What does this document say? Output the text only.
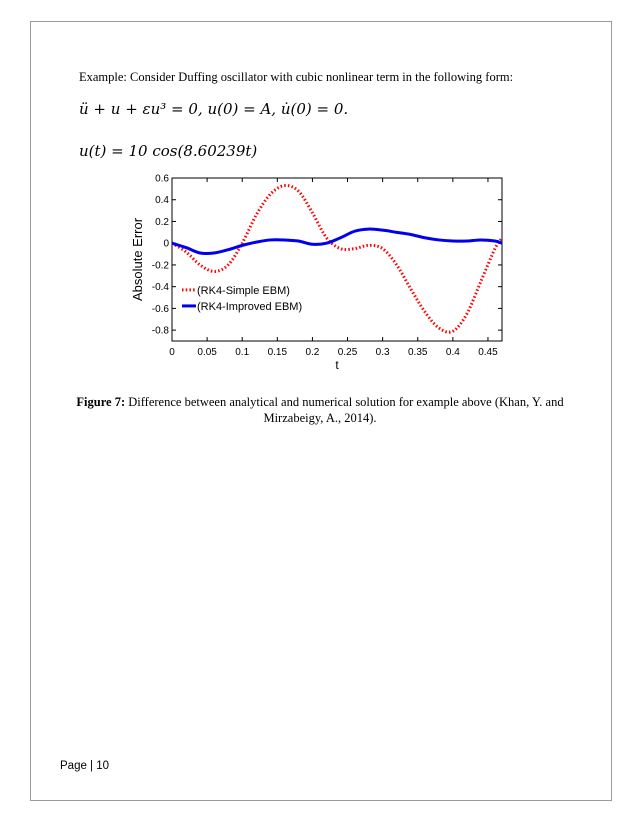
Example: Consider Duffing oscillator with cubic nonlinear term in the following form:
ü + u + εu³ = 0, u(0) = A, u̇(0) = 0.
u(t) = 10 cos(8.60239t)
0 0.05 0.1 0.15 0.2 0.25 0.3 0.35 0.4 0.45
0.6
0.4
0.2
0
-0.2
-0.4
-0.6
-0.8
t
Absolute Error	(RK4-Simple EBM)
(RK4-Improved EBM)
Figure 7: Difference between analytical and numerical solution for example above (Khan, Y. and Mirzabeigy, A., 2014).
Page | 10
